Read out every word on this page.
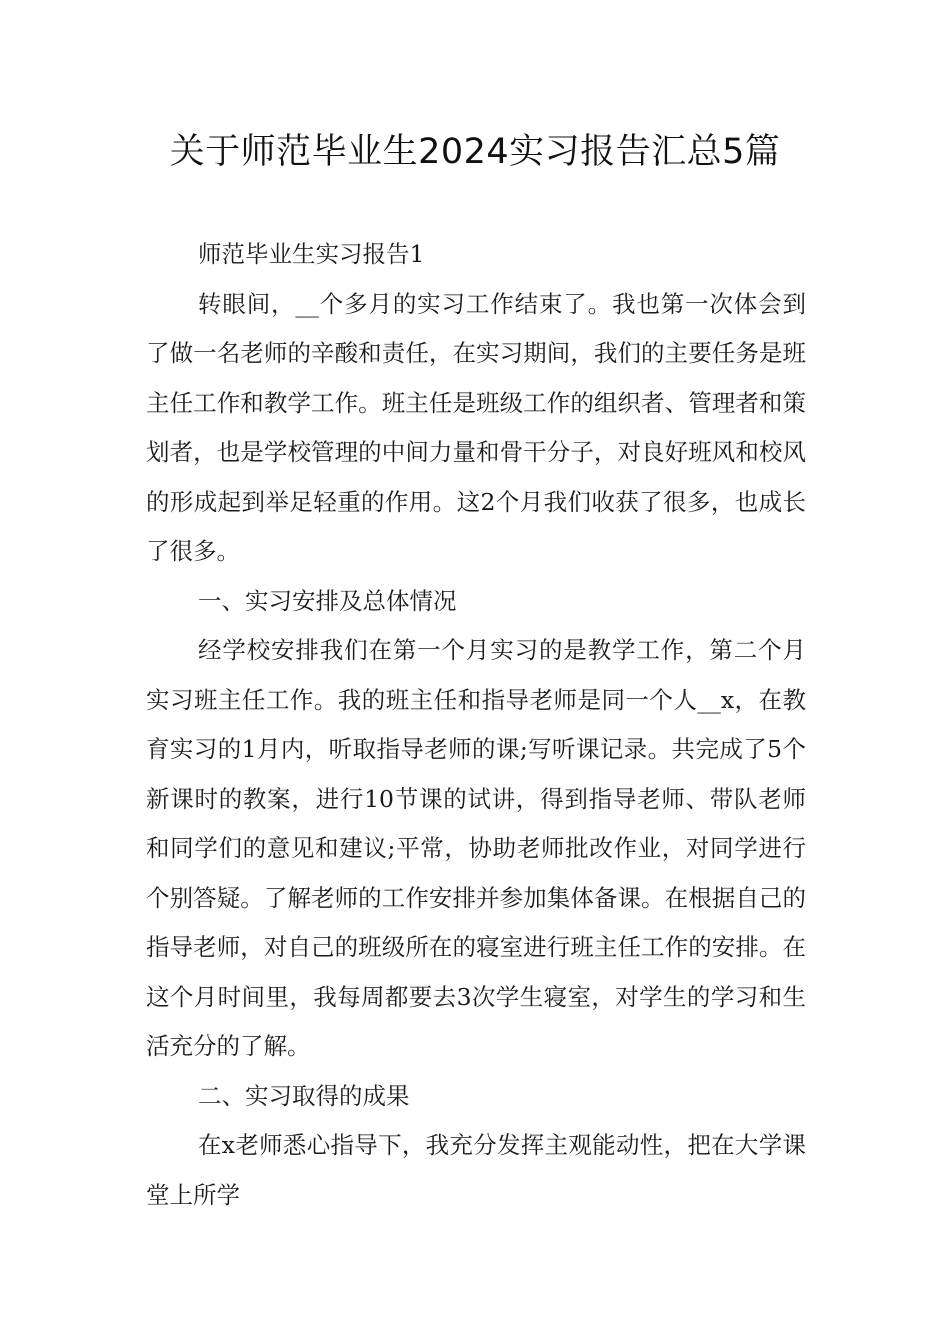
关于师范毕业生2024实习报告汇总5篇

师范毕业生实习报告1

转眼间，__个多月的实习工作结束了。我也第一次体会到了做一名老师的辛酸和责任，在实习期间，我们的主要任务是班主任工作和教学工作。班主任是班级工作的组织者、管理者和策划者，也是学校管理的中间力量和骨干分子，对良好班风和校风的形成起到举足轻重的作用。这2个月我们收获了很多，也成长了很多。

一、实习安排及总体情况

经学校安排我们在第一个月实习的是教学工作，第二个月实习班主任工作。我的班主任和指导老师是同一个人__x，在教育实习的1月内，听取指导老师的课;写听课记录。共完成了5个新课时的教案，进行10节课的试讲，得到指导老师、带队老师和同学们的意见和建议;平常，协助老师批改作业，对同学进行个别答疑。了解老师的工作安排并参加集体备课。在根据自己的指导老师，对自己的班级所在的寝室进行班主任工作的安排。在这个月时间里，我每周都要去3次学生寝室，对学生的学习和生活充分的了解。

二、实习取得的成果

在x老师悉心指导下，我充分发挥主观能动性，把在大学课堂上所学
